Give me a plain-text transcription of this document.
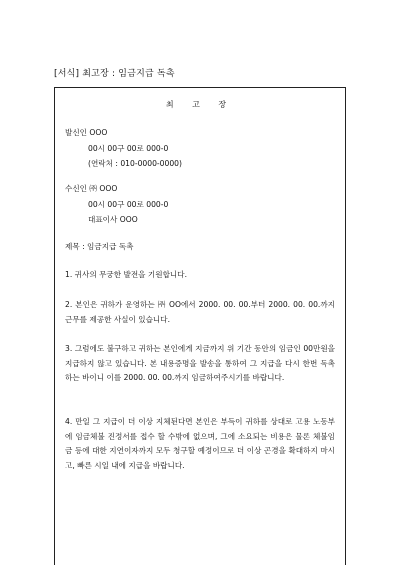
[서식] 최고장 : 임금지급 독촉
최 고 장
발신인 OOO
00시 00구 00로 000-0
(연락처 : 010-0000-0000)
수신인 ㈜ OOO
00시 00구 00로 000-0
대표이사 OOO
제목 : 임금지급 독촉
1. 귀사의 무궁한 발전을 기원합니다.
2. 본인은 귀하가 운영하는 ㈜ OO에서 2000. 00. 00.부터 2000. 00. 00.까지 근무를 제공한 사실이 있습니다.
3. 그럼에도 불구하고 귀하는 본인에게 지금까지 위 기간 동안의 임금인 00만원을 지급하지 않고 있습니다. 본 내용증명을 발송을 통하여 그 지급을 다시 한번 독촉하는 바이니 이를 2000. 00. 00.까지 임금하여주시기를 바랍니다.
4. 만일 그 지급이 더 이상 지체된다면 본인은 부득이 귀하를 상대로 고용 노동부에 임금체불 진정서를 접수 할 수밖에 없으며, 그에 소요되는 비용은 물론 체불임금 등에 대한 지연이자까지 모두 청구할 예정이므로 더 이상 곤경을 확대하지 마시고, 빠른 시일 내에 지급을 바랍니다.
